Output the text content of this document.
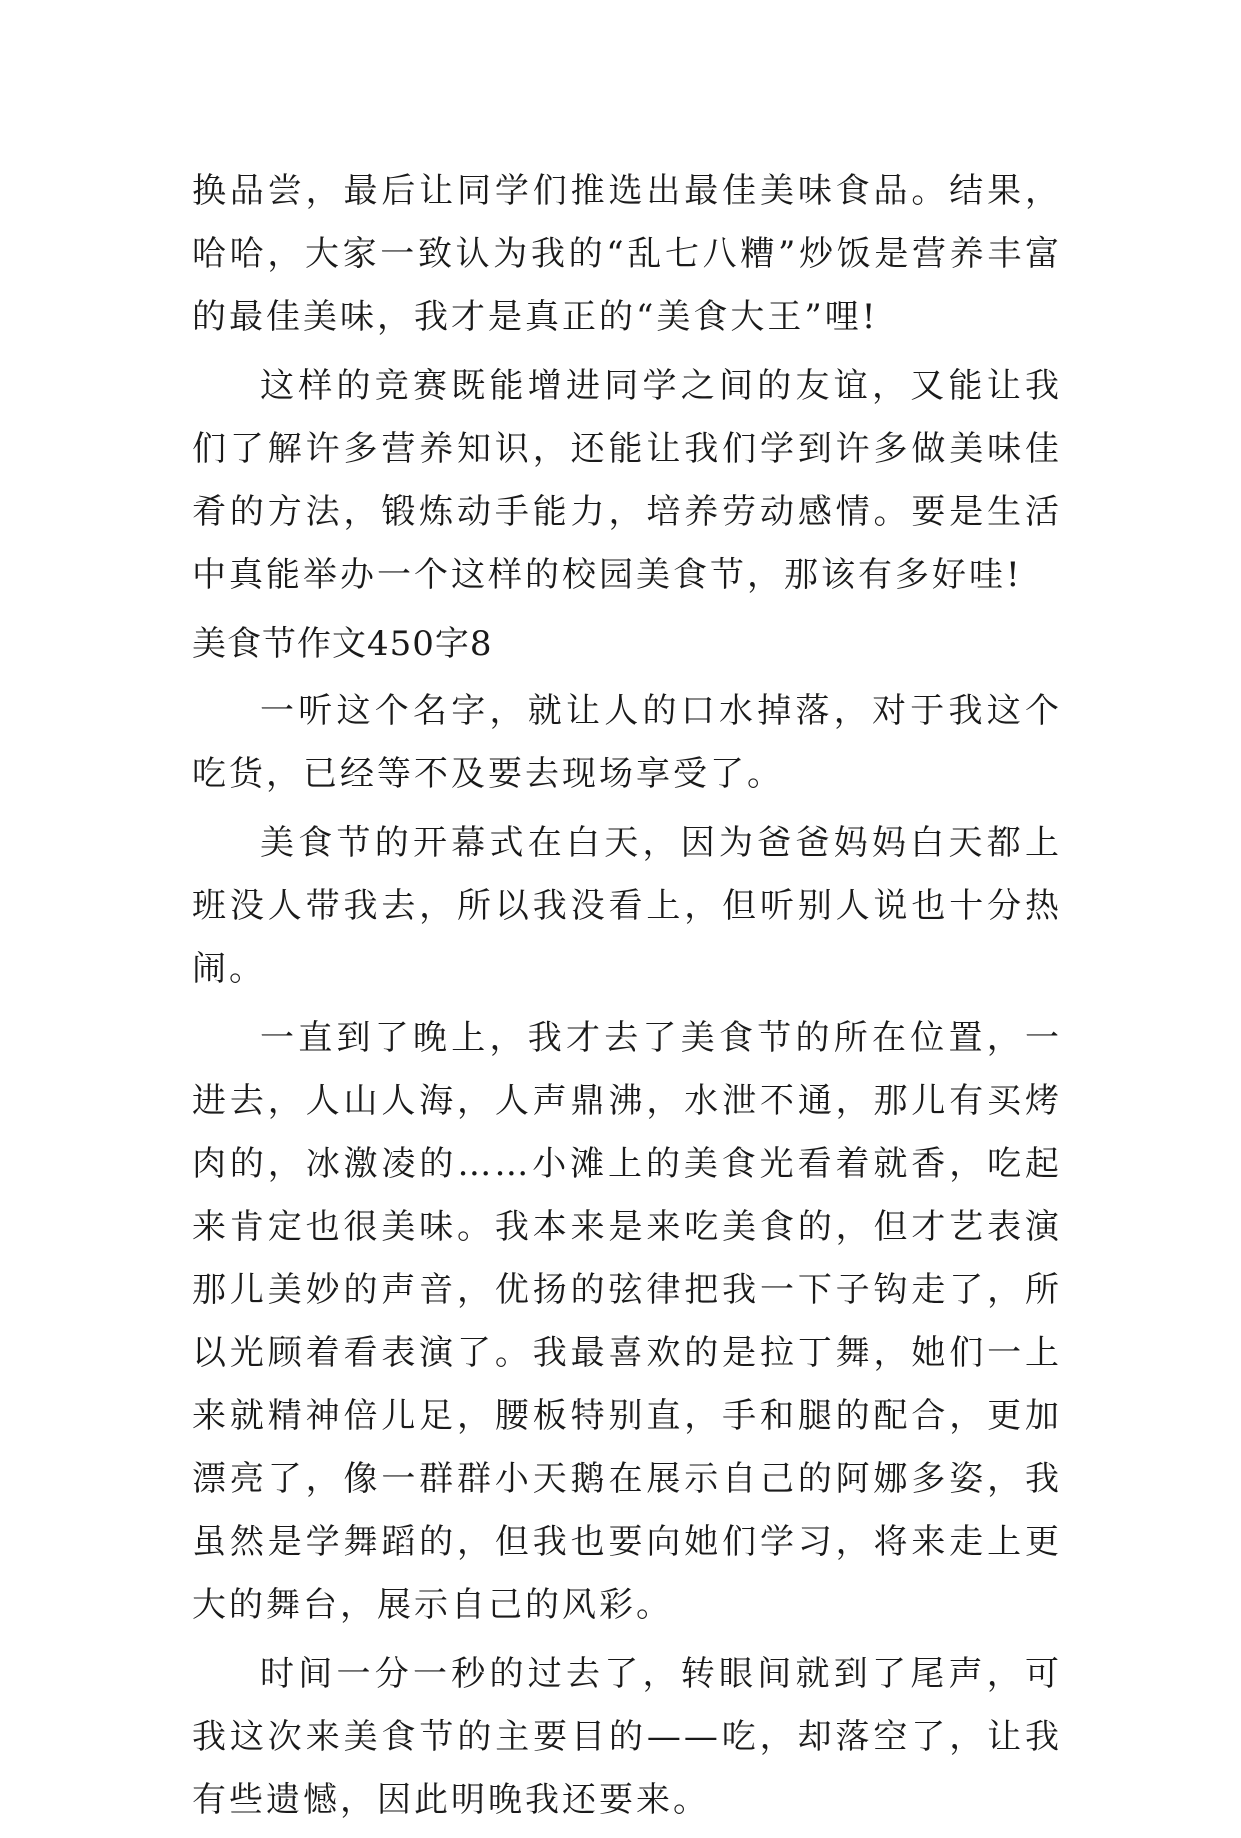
换品尝，最后让同学们推选出最佳美味食品。结果，哈哈，大家一致认为我的“乱七八糟”炒饭是营养丰富的最佳美味，我才是真正的“美食大王”哩!

这样的竞赛既能增进同学之间的友谊，又能让我们了解许多营养知识，还能让我们学到许多做美味佳肴的方法，锻炼动手能力，培养劳动感情。要是生活中真能举办一个这样的校园美食节，那该有多好哇!

美食节作文450字8

一听这个名字，就让人的口水掉落，对于我这个吃货，已经等不及要去现场享受了。

美食节的开幕式在白天，因为爸爸妈妈白天都上班没人带我去，所以我没看上，但听别人说也十分热闹。

一直到了晚上，我才去了美食节的所在位置，一进去，人山人海，人声鼎沸，水泄不通，那儿有买烤肉的，冰激凌的……小滩上的美食光看着就香，吃起来肯定也很美味。我本来是来吃美食的，但才艺表演那儿美妙的声音，优扬的弦律把我一下子钩走了，所以光顾着看表演了。我最喜欢的是拉丁舞，她们一上来就精神倍儿足，腰板特别直，手和腿的配合，更加漂亮了，像一群群小天鹅在展示自己的阿娜多姿，我虽然是学舞蹈的，但我也要向她们学习，将来走上更大的舞台，展示自己的风彩。

时间一分一秒的过去了，转眼间就到了尾声，可我这次来美食节的主要目的——吃，却落空了，让我有些遗憾，因此明晚我还要来。
